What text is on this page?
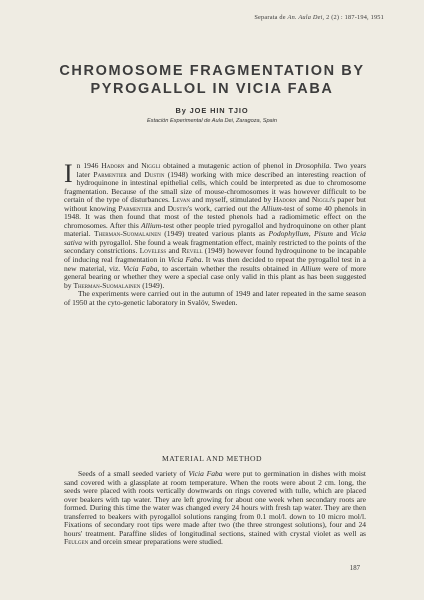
Separata de An. Aula Dei, 2 (2) : 187-194, 1951
CHROMOSOME FRAGMENTATION BY
PYROGALLOL IN VICIA FABA
By JOE HIN TJIO
Estación Experimental de Aula Dei, Zaragoza, Spain

In 1946 Hadorn and Niggli obtained a mutagenic action of phenol in Drosophila. Two years later Parmentier and Dustin (1948) working with mice described an interesting reaction of hydroquinone in intestinal epithelial cells, which could be interpreted as due to chromosome fragmentation. Because of the small size of mouse-chromosomes it was however difficult to be certain of the type of disturbances. Levan and myself, stimulated by Hadorn and Niggli's paper but without knowing Parmentier and Dustin's work, carried out the Allium-test of some 40 phenols in 1948. It was then found that most of the tested phenols had a radiomimetic effect on the chromosomes. After this Allium-test other people tried pyrogallol and hydroquinone on other plant material. Therman-Suomalainen (1949) treated various plants as Podophyllum, Pisum and Vicia sativa with pyrogallol. She found a weak fragmentation effect, mainly restricted to the points of the secondary constrictions. Loveless and Revell (1949) however found hydroquinone to be incapable of inducing real fragmentation in Vicia Faba. It was then decided to repeat the pyrogallol test in a new material, viz. Vicia Faba, to ascertain whether the results obtained in Allium were of more general bearing or whether they were a special case only valid in this plant as has been suggested by Therman-Suomalainen (1949).

The experiments were carried out in the autumn of 1949 and later repeated in the same season of 1950 at the cyto-genetic laboratory in Svalöv, Sweden.

MATERIAL AND METHOD

Seeds of a small seeded variety of Vicia Faba were put to germination in dishes with moist sand covered with a glassplate at room temperature. When the roots were about 2 cm. long, the seeds were placed with roots vertically downwards on rings covered with tulle, which are placed over beakers with tap water. They are left growing for about one week when secondary roots are formed. During this time the water was changed every 24 hours with fresh tap water. They are then transferred to beakers with pyrogallol solutions ranging from 0.1 mol/l. down to 10 micro mol/l. Fixations of secondary root tips were made after two (the three strongest solutions), four and 24 hours' treatment. Paraffine slides of longitudinal sections, stained with crystal violet as well as Feulgen and orcein smear preparations were studied.

187
